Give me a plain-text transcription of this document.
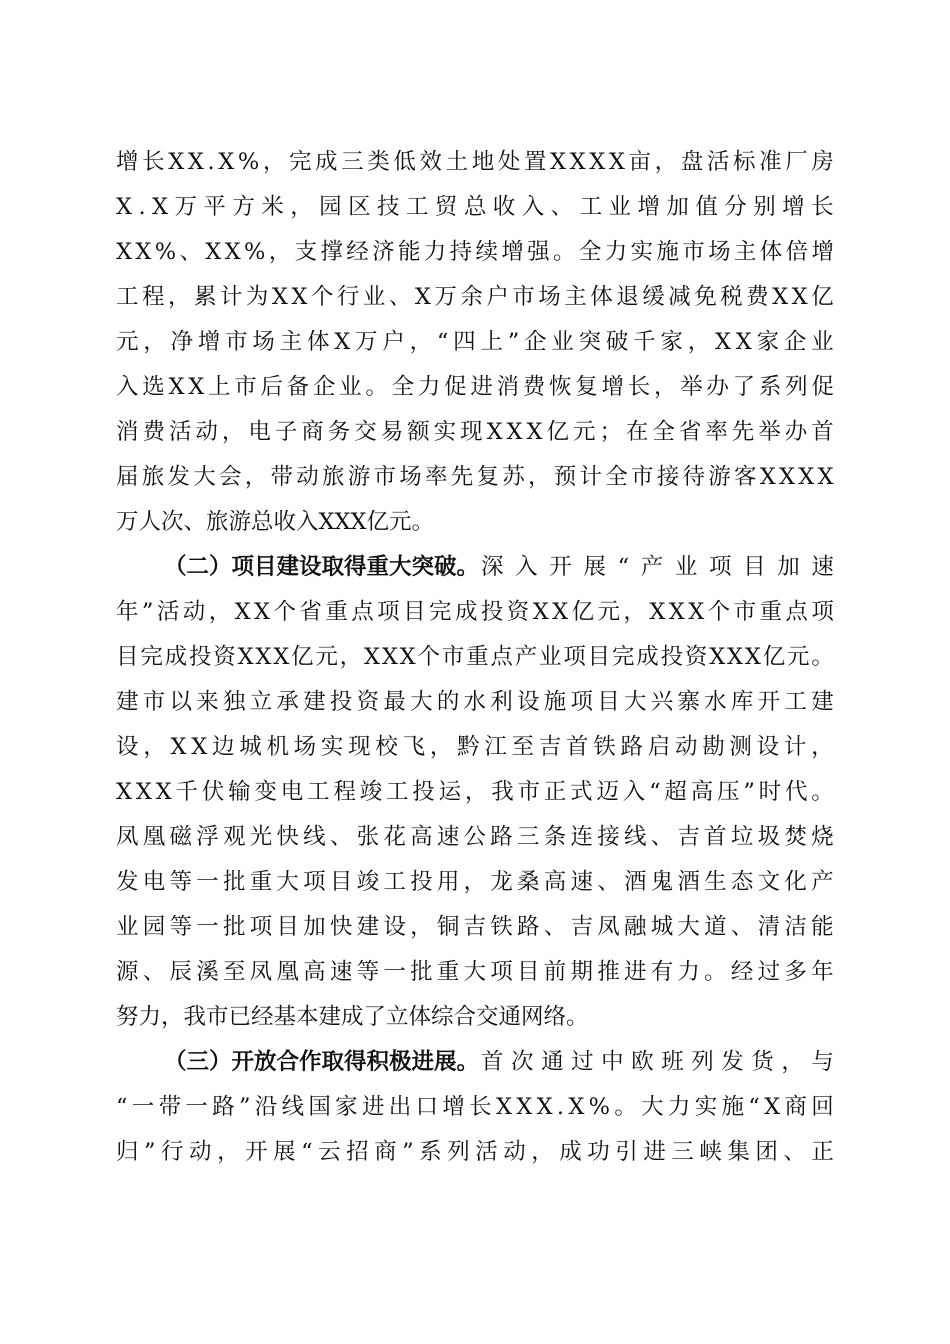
增 长 X X . X % ， 完 成 三 类 低 效 土 地 处 置 X X X X 亩 ， 盘 活 标 准 厂 房
X . X 万 平 方 米 ， 园 区 技 工 贸 总 收 入 、 工 业 增 加 值 分 别 增 长
X X % 、 X X % ， 支 撑 经 济 能 力 持 续 增 强 。 全 力 实 施 市 场 主 体 倍 增
工 程 ， 累 计 为 X X 个 行 业 、 X 万 余 户 市 场 主 体 退 缓 减 免 税 费 X X 亿
元 ， 净 增 市 场 主 体 X 万 户 ， “ 四 上 ” 企 业 突 破 千 家 ， X X 家 企 业
入 选 X X 上 市 后 备 企 业 。 全 力 促 进 消 费 恢 复 增 长 ， 举 办 了 系 列 促
消 费 活 动 ， 电 子 商 务 交 易 额 实 现 X X X 亿 元 ； 在 全 省 率 先 举 办 首
届 旅 发 大 会 ， 带 动 旅 游 市 场 率 先 复 苏 ， 预 计 全 市 接 待 游 客 X X X X
万人次、旅游总收入XXX亿元。
（二）项目建设取得重大突破。 深 入 开 展 “ 产 业 项 目 加 速
年 ” 活 动 ， X X 个 省 重 点 项 目 完 成 投 资 X X 亿 元 ， X X X 个 市 重 点 项
目 完 成 投 资 X X X 亿 元 ， X X X 个 市 重 点 产 业 项 目 完 成 投 资 X X X 亿 元 。
建 市 以 来 独 立 承 建 投 资 最 大 的 水 利 设 施 项 目 大 兴 寨 水 库 开 工 建
设 ， X X 边 城 机 场 实 现 校 飞 ， 黔 江 至 吉 首 铁 路 启 动 勘 测 设 计 ，
X X X 千 伏 输 变 电 工 程 竣 工 投 运 ， 我 市 正 式 迈 入 “ 超 高 压 ” 时 代 。
凤 凰 磁 浮 观 光 快 线 、 张 花 高 速 公 路 三 条 连 接 线 、 吉 首 垃 圾 焚 烧
发 电 等 一 批 重 大 项 目 竣 工 投 用 ， 龙 桑 高 速 、 酒 鬼 酒 生 态 文 化 产
业 园 等 一 批 项 目 加 快 建 设 ， 铜 吉 铁 路 、 吉 凤 融 城 大 道 、 清 洁 能
源 、 辰 溪 至 凤 凰 高 速 等 一 批 重 大 项 目 前 期 推 进 有 力 。 经 过 多 年
努力，我市已经基本建成了立体综合交通网络。
（三）开放合作取得积极进展。 首 次 通 过 中 欧 班 列 发 货 ， 与
“ 一 带 一 路 ” 沿 线 国 家 进 出 口 增 长 X X X . X % 。 大 力 实 施 “ X 商 回
归 ” 行 动 ， 开 展 “ 云 招 商 ” 系 列 活 动 ， 成 功 引 进 三 峡 集 团 、 正
